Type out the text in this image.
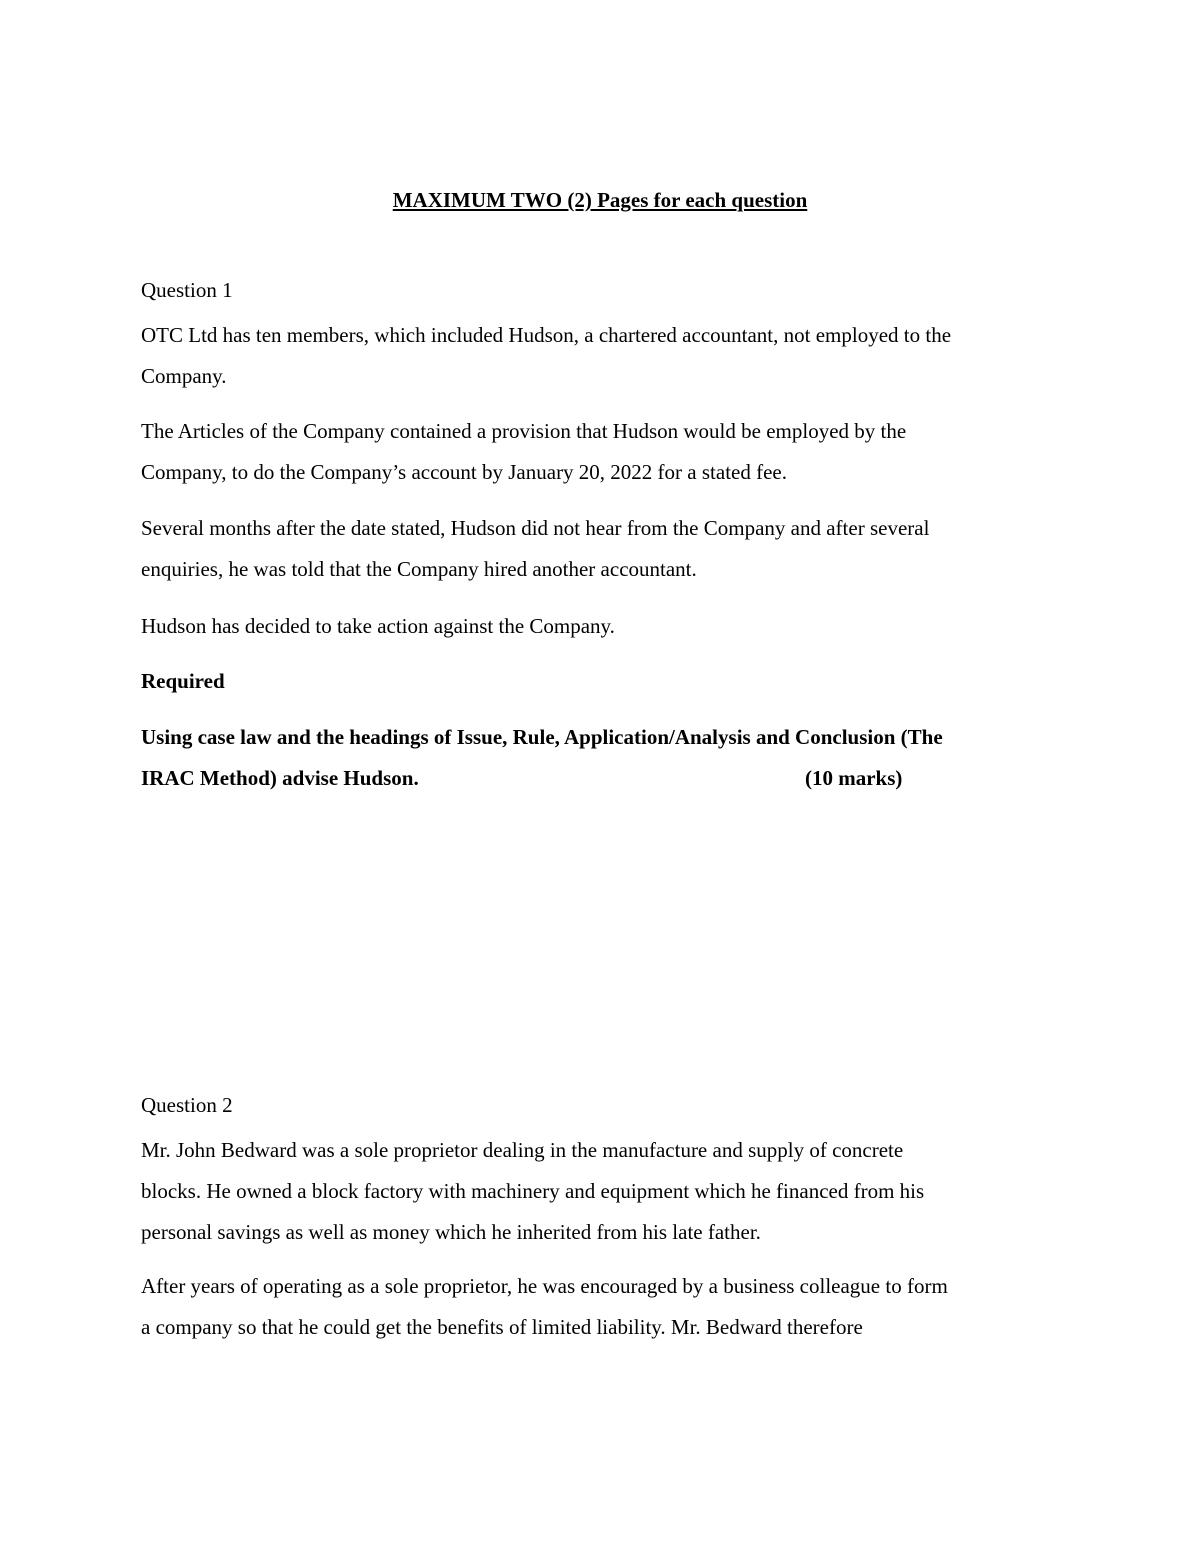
MAXIMUM TWO (2) Pages for each question
Question 1
OTC Ltd has ten members, which included Hudson, a chartered accountant, not employed to the
Company.
The Articles of the Company contained a provision that Hudson would be employed by the
Company, to do the Company’s account by January 20, 2022 for a stated fee.
Several months after the date stated, Hudson did not hear from the Company and after several
enquiries, he was told that the Company hired another accountant.
Hudson has decided to take action against the Company.
Required
Using case law and the headings of Issue, Rule, Application/Analysis and Conclusion (The
IRAC Method) advise Hudson.	(10 marks)
Question 2
Mr. John Bedward was a sole proprietor dealing in the manufacture and supply of concrete
blocks. He owned a block factory with machinery and equipment which he financed from his
personal savings as well as money which he inherited from his late father.
After years of operating as a sole proprietor, he was encouraged by a business colleague to form
a company so that he could get the benefits of limited liability. Mr. Bedward therefore
